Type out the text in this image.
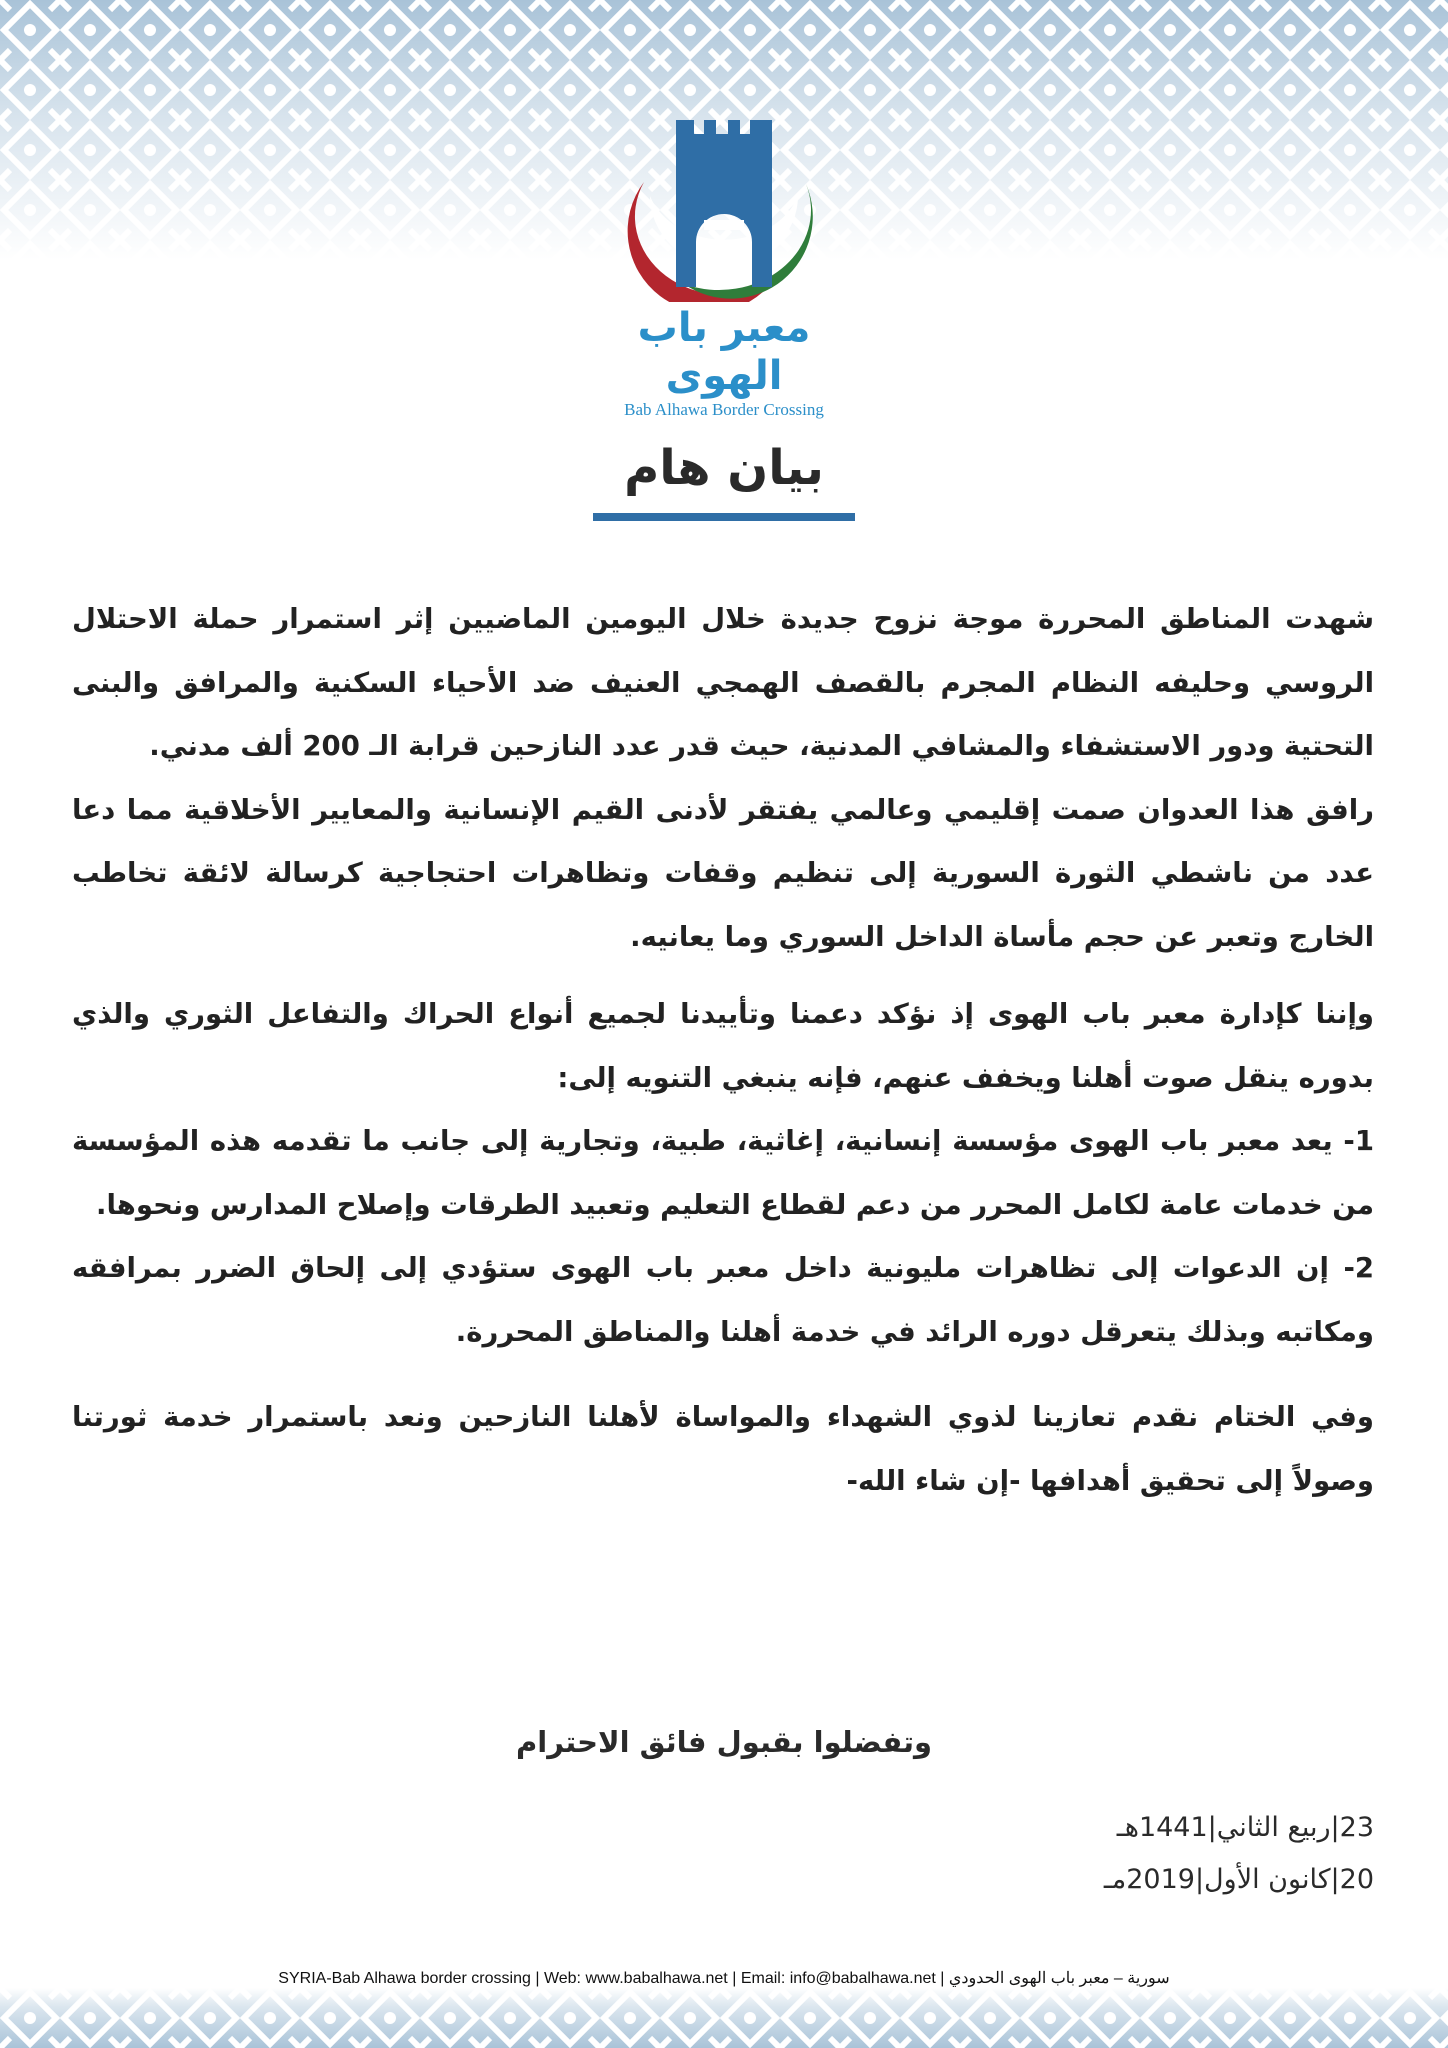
معبر باب الهوى
Bab Alhawa Border Crossing
بيان هام

شهدت المناطق المحررة موجة نزوح جديدة خلال اليومين الماضيين إثر استمرار حملة الاحتلال الروسي وحليفه النظام المجرم بالقصف الهمجي العنيف ضد الأحياء السكنية والمرافق والبنى التحتية ودور الاستشفاء والمشافي المدنية، حيث قدر عدد النازحين قرابة الـ 200 ألف مدني.

رافق هذا العدوان صمت إقليمي وعالمي يفتقر لأدنى القيم الإنسانية والمعايير الأخلاقية مما دعا عدد من ناشطي الثورة السورية إلى تنظيم وقفات وتظاهرات احتجاجية كرسالة لائقة تخاطب الخارج وتعبر عن حجم مأساة الداخل السوري وما يعانيه.

وإننا كإدارة معبر باب الهوى إذ نؤكد دعمنا وتأييدنا لجميع أنواع الحراك والتفاعل الثوري والذي بدوره ينقل صوت أهلنا ويخفف عنهم، فإنه ينبغي التنويه إلى:

1- يعد معبر باب الهوى مؤسسة إنسانية، إغاثية، طبية، وتجارية إلى جانب ما تقدمه هذه المؤسسة من خدمات عامة لكامل المحرر من دعم لقطاع التعليم وتعبيد الطرقات وإصلاح المدارس ونحوها.

2- إن الدعوات إلى تظاهرات مليونية داخل معبر باب الهوى ستؤدي إلى إلحاق الضرر بمرافقه ومكاتبه وبذلك يتعرقل دوره الرائد في خدمة أهلنا والمناطق المحررة.

وفي الختام نقدم تعازينا لذوي الشهداء والمواساة لأهلنا النازحين ونعد باستمرار خدمة ثورتنا وصولاً إلى تحقيق أهدافها -إن شاء الله-

وتفضلوا بقبول فائق الاحترام
23|ربيع الثاني|1441هـ
20|كانون الأول|2019مـ
SYRIA-Bab Alhawa border crossing | Web: www.babalhawa.net | Email: info@babalhawa.net | سورية – معبر باب الهوى الحدودي
